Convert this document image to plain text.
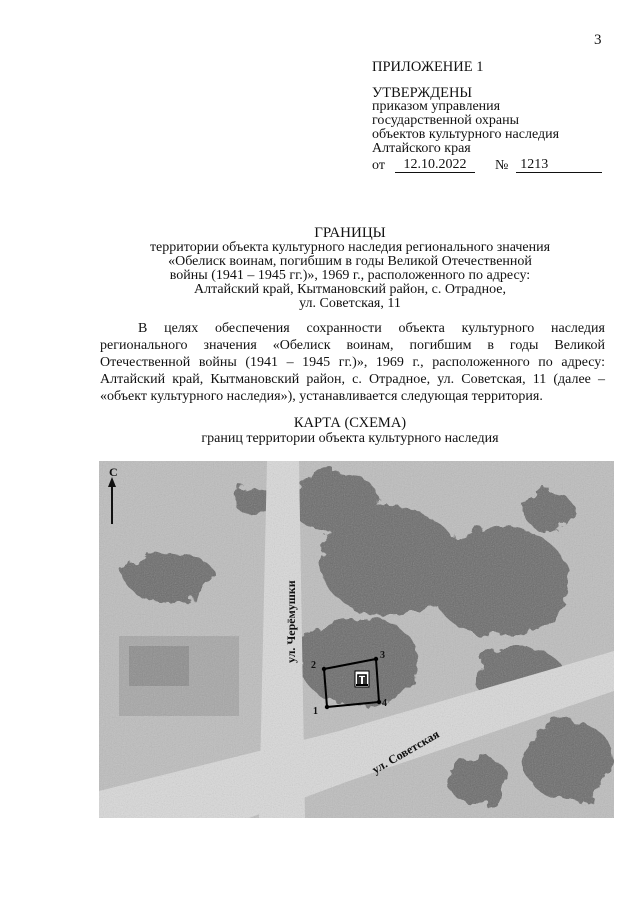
3
ПРИЛОЖЕНИЕ 1
УТВЕРЖДЕНЫ
приказом управления
государственной охраны
объектов культурного наследия
Алтайского края
от	12.10.2022	№ 1213
ГРАНИЦЫ
территории объекта культурного наследия регионального значения
«Обелиск воинам, погибшим в годы Великой Отечественной
войны (1941 – 1945 гг.)», 1969 г., расположенного по адресу:
Алтайский край, Кытмановский район, с. Отрадное,
ул. Советская, 11
В целях обеспечения сохранности объекта культурного наследия регионального значения «Обелиск воинам, погибшим в годы Великой Отечественной войны (1941 – 1945 гг.)», 1969 г., расположенного по адресу: Алтайский край, Кытмановский район, с. Отрадное, ул. Советская, 11 (далее – «объект культурного наследия»), устанавливается следующая территория.
КАРТА (СХЕМА)
границ территории объекта культурного наследия
С
ул. Черёмушки
ул. Советская
1
2
3
4
